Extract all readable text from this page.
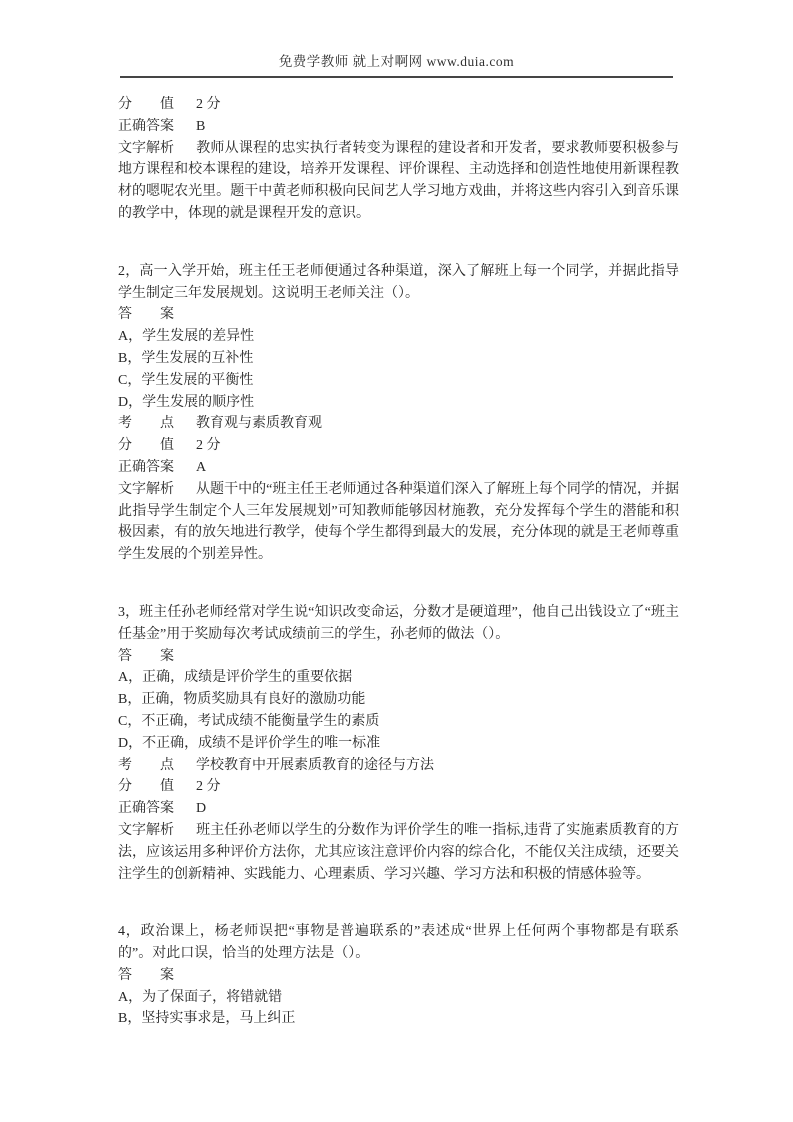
免费学教师 就上对啊网 www.duia.com

分 值 2 分

正确答案 B

文字解析 教师从课程的忠实执行者转变为课程的建设者和开发者，要求教师要积极参与地方课程和校本课程的建设，培养开发课程、评价课程、主动选择和创造性地使用新课程教材的嗯呢农光里。题干中黄老师积极向民间艺人学习地方戏曲，并将这些内容引入到音乐课的教学中，体现的就是课程开发的意识。

2，高一入学开始，班主任王老师便通过各种渠道，深入了解班上每一个同学，并据此指导学生制定三年发展规划。这说明王老师关注（）。

答 案

A，学生发展的差异性

B，学生发展的互补性

C，学生发展的平衡性

D，学生发展的顺序性

考 点 教育观与素质教育观

分 值 2 分

正确答案 A

文字解析 从题干中的“班主任王老师通过各种渠道们深入了解班上每个同学的情况，并据此指导学生制定个人三年发展规划”可知教师能够因材施教，充分发挥每个学生的潜能和积极因素，有的放矢地进行教学，使每个学生都得到最大的发展，充分体现的就是王老师尊重学生发展的个别差异性。

3，班主任孙老师经常对学生说“知识改变命运，分数才是硬道理”，他自己出钱设立了“班主任基金”用于奖励每次考试成绩前三的学生，孙老师的做法（）。

答 案

A，正确，成绩是评价学生的重要依据

B，正确，物质奖励具有良好的激励功能

C，不正确，考试成绩不能衡量学生的素质

D，不正确，成绩不是评价学生的唯一标准

考 点 学校教育中开展素质教育的途径与方法

分 值 2 分

正确答案 D

文字解析 班主任孙老师以学生的分数作为评价学生的唯一指标,违背了实施素质教育的方法，应该运用多种评价方法你，尤其应该注意评价内容的综合化，不能仅关注成绩，还要关注学生的创新精神、实践能力、心理素质、学习兴趣、学习方法和积极的情感体验等。

4，政治课上，杨老师误把“事物是普遍联系的”表述成“世界上任何两个事物都是有联系的”。对此口误，恰当的处理方法是（）。

答 案

A，为了保面子，将错就错

B，坚持实事求是，马上纠正
